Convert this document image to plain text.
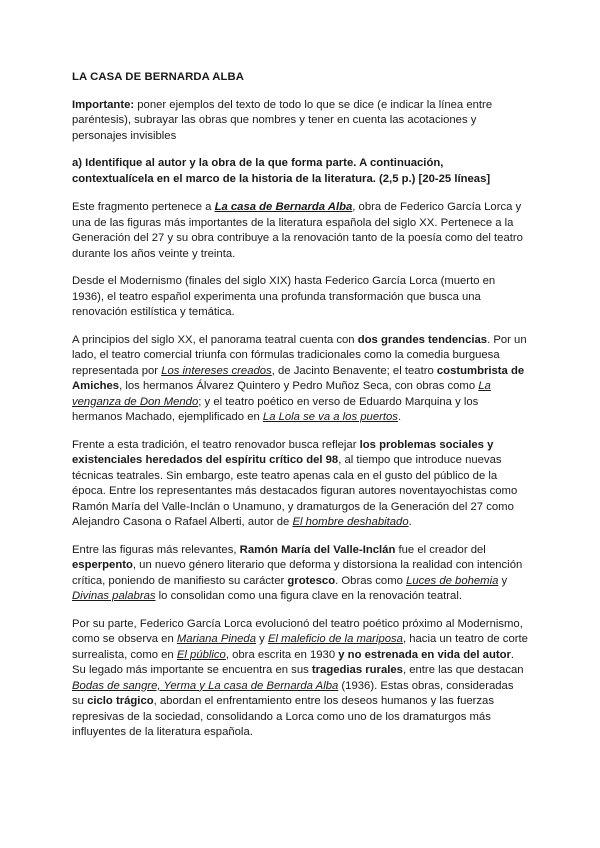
LA CASA DE BERNARDA ALBA

Importante: poner ejemplos del texto de todo lo que se dice (e indicar la línea entre paréntesis), subrayar las obras que nombres y tener en cuenta las acotaciones y personajes invisibles

a) Identifique al autor y la obra de la que forma parte. A continuación, contextualícela en el marco de la historia de la literatura. (2,5 p.) [20-25 líneas]

Este fragmento pertenece a La casa de Bernarda Alba, obra de Federico García Lorca y una de las figuras más importantes de la literatura española del siglo XX. Pertenece a la Generación del 27 y su obra contribuye a la renovación tanto de la poesía como del teatro durante los años veinte y treinta.

Desde el Modernismo (finales del siglo XIX) hasta Federico García Lorca (muerto en 1936), el teatro español experimenta una profunda transformación que busca una renovación estilística y temática.

A principios del siglo XX, el panorama teatral cuenta con dos grandes tendencias. Por un lado, el teatro comercial triunfa con fórmulas tradicionales como la comedia burguesa representada por Los intereses creados, de Jacinto Benavente; el teatro costumbrista de Amiches, los hermanos Álvarez Quintero y Pedro Muñoz Seca, con obras como La venganza de Don Mendo; y el teatro poético en verso de Eduardo Marquina y los hermanos Machado, ejemplificado en La Lola se va a los puertos.

Frente a esta tradición, el teatro renovador busca reflejar los problemas sociales y existenciales heredados del espíritu crítico del 98, al tiempo que introduce nuevas técnicas teatrales. Sin embargo, este teatro apenas cala en el gusto del público de la época. Entre los representantes más destacados figuran autores noventayochistas como Ramón María del Valle-Inclán o Unamuno, y dramaturgos de la Generación del 27 como Alejandro Casona o Rafael Alberti, autor de El hombre deshabitado.

Entre las figuras más relevantes, Ramón María del Valle-Inclán fue el creador del esperpento, un nuevo género literario que deforma y distorsiona la realidad con intención crítica, poniendo de manifiesto su carácter grotesco. Obras como Luces de bohemia y Divinas palabras lo consolidan como una figura clave en la renovación teatral.

Por su parte, Federico García Lorca evolucionó del teatro poético próximo al Modernismo, como se observa en Mariana Pineda y El maleficio de la mariposa, hacia un teatro de corte surrealista, como en El público, obra escrita en 1930 y no estrenada en vida del autor. Su legado más importante se encuentra en sus tragedias rurales, entre las que destacan Bodas de sangre, Yerma y La casa de Bernarda Alba (1936). Estas obras, consideradas su ciclo trágico, abordan el enfrentamiento entre los deseos humanos y las fuerzas represivas de la sociedad, consolidando a Lorca como uno de los dramaturgos más influyentes de la literatura española.
